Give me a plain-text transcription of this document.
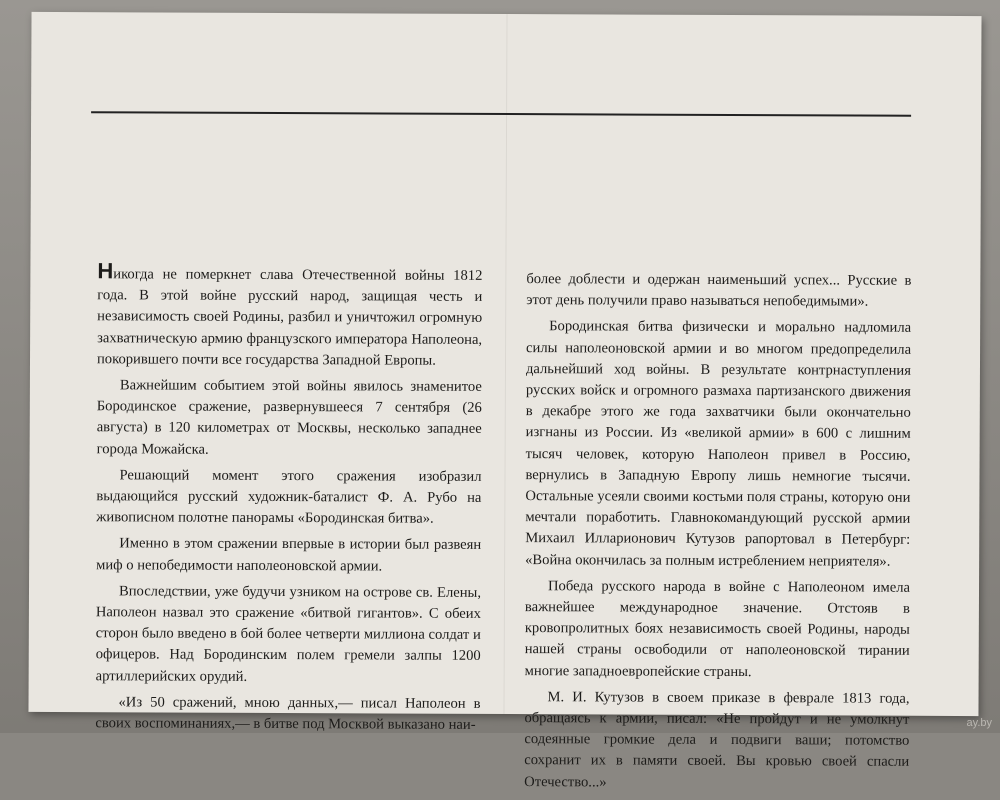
Никогда не померкнет слава Отечественной войны 1812 года. В этой войне русский народ, защищая честь и независимость своей Родины, разбил и уничтожил огромную захватническую армию французского императора Наполеона, покорившего почти все государства Западной Европы.

Важнейшим событием этой войны явилось знаменитое Бородинское сражение, развернувшееся 7 сентября (26 августа) в 120 километрах от Москвы, несколько западнее города Можайска.

Решающий момент этого сражения изобразил выдающийся русский художник-баталист Ф. А. Рубо на живописном полотне панорамы «Бородинская битва».

Именно в этом сражении впервые в истории был развеян миф о непобедимости наполеоновской армии.

Впоследствии, уже будучи узником на острове св. Елены, Наполеон назвал это сражение «битвой гигантов». С обеих сторон было введено в бой более четверти миллиона солдат и офицеров. Над Бородинским полем гремели залпы 1200 артиллерийских орудий.

«Из 50 сражений, мною данных,— писал Наполеон в своих воспоминаниях,— в битве под Москвой выказано наи-

более доблести и одержан наименьший успех... Русские в этот день получили право называться непобедимыми».

Бородинская битва физически и морально надломила силы наполеоновской армии и во многом предопределила дальнейший ход войны. В результате контрнаступления русских войск и огромного размаха партизанского движения в декабре этого же года захватчики были окончательно изгнаны из России. Из «великой армии» в 600 с лишним тысяч человек, которую Наполеон привел в Россию, вернулись в Западную Европу лишь немногие тысячи. Остальные усеяли своими костьми поля страны, которую они мечтали поработить. Главнокомандующий русской армии Михаил Илларионович Кутузов рапортовал в Петербург: «Война окончилась за полным истреблением неприятеля».

Победа русского народа в войне с Наполеоном имела важнейшее международное значение. Отстояв в кровопролитных боях независимость своей Родины, народы нашей страны освободили от наполеоновской тирании многие западноевропейские страны.

М. И. Кутузов в своем приказе в феврале 1813 года, обращаясь к армии, писал: «Не пройдут и не умолкнут содеянные громкие дела и подвиги ваши; потомство сохранит их в памяти своей. Вы кровью своей спасли Отечество...»

ay.by
